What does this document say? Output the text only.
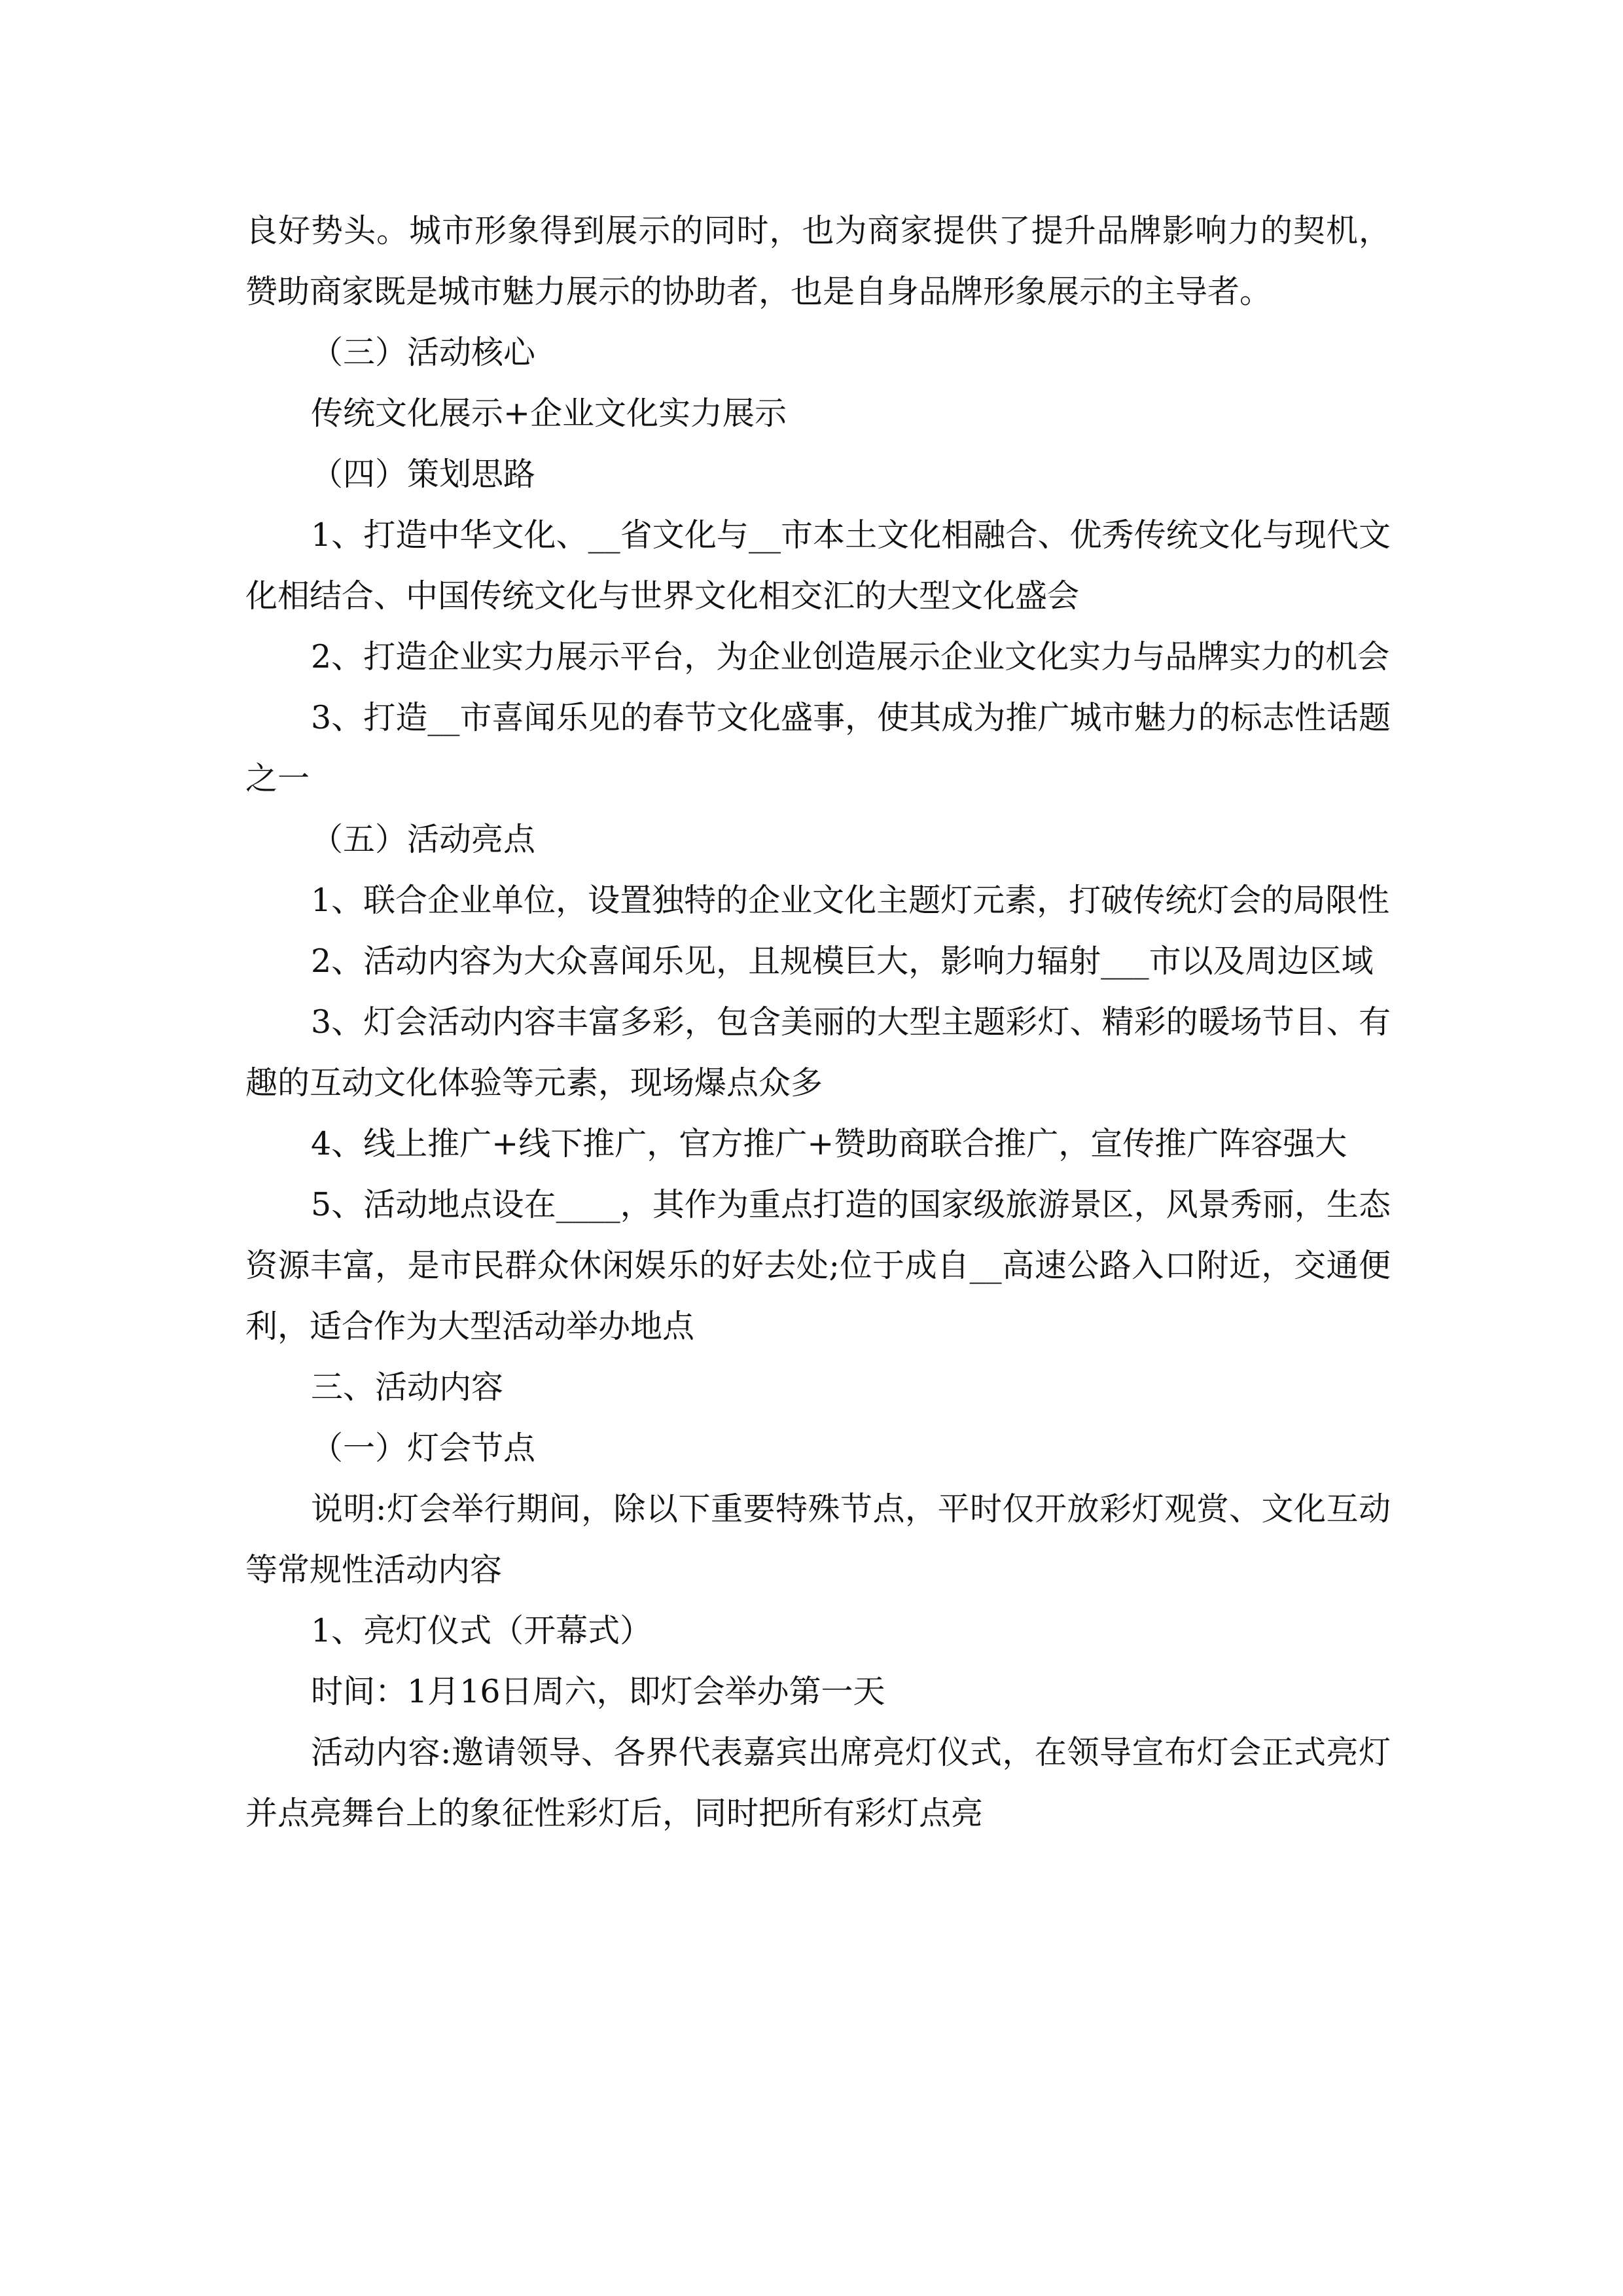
良好势头。城市形象得到展示的同时，也为商家提供了提升品牌影响力的契机，赞助商家既是城市魅力展示的协助者，也是自身品牌形象展示的主导者。

（三）活动核心

传统文化展示+企业文化实力展示

（四）策划思路

1、打造中华文化、__省文化与__市本土文化相融合、优秀传统文化与现代文化相结合、中国传统文化与世界文化相交汇的大型文化盛会

2、打造企业实力展示平台，为企业创造展示企业文化实力与品牌实力的机会

3、打造__市喜闻乐见的春节文化盛事，使其成为推广城市魅力的标志性话题之一

（五）活动亮点

1、联合企业单位，设置独特的企业文化主题灯元素，打破传统灯会的局限性

2、活动内容为大众喜闻乐见，且规模巨大，影响力辐射___市以及周边区域

3、灯会活动内容丰富多彩，包含美丽的大型主题彩灯、精彩的暖场节目、有趣的互动文化体验等元素，现场爆点众多

4、线上推广+线下推广，官方推广+赞助商联合推广，宣传推广阵容强大

5、活动地点设在____，其作为重点打造的国家级旅游景区，风景秀丽，生态资源丰富，是市民群众休闲娱乐的好去处;位于成自__高速公路入口附近，交通便利，适合作为大型活动举办地点

三、活动内容

（一）灯会节点

说明:灯会举行期间，除以下重要特殊节点，平时仅开放彩灯观赏、文化互动等常规性活动内容

1、亮灯仪式（开幕式）

时间：1月16日周六，即灯会举办第一天

活动内容:邀请领导、各界代表嘉宾出席亮灯仪式，在领导宣布灯会正式亮灯并点亮舞台上的象征性彩灯后，同时把所有彩灯点亮
